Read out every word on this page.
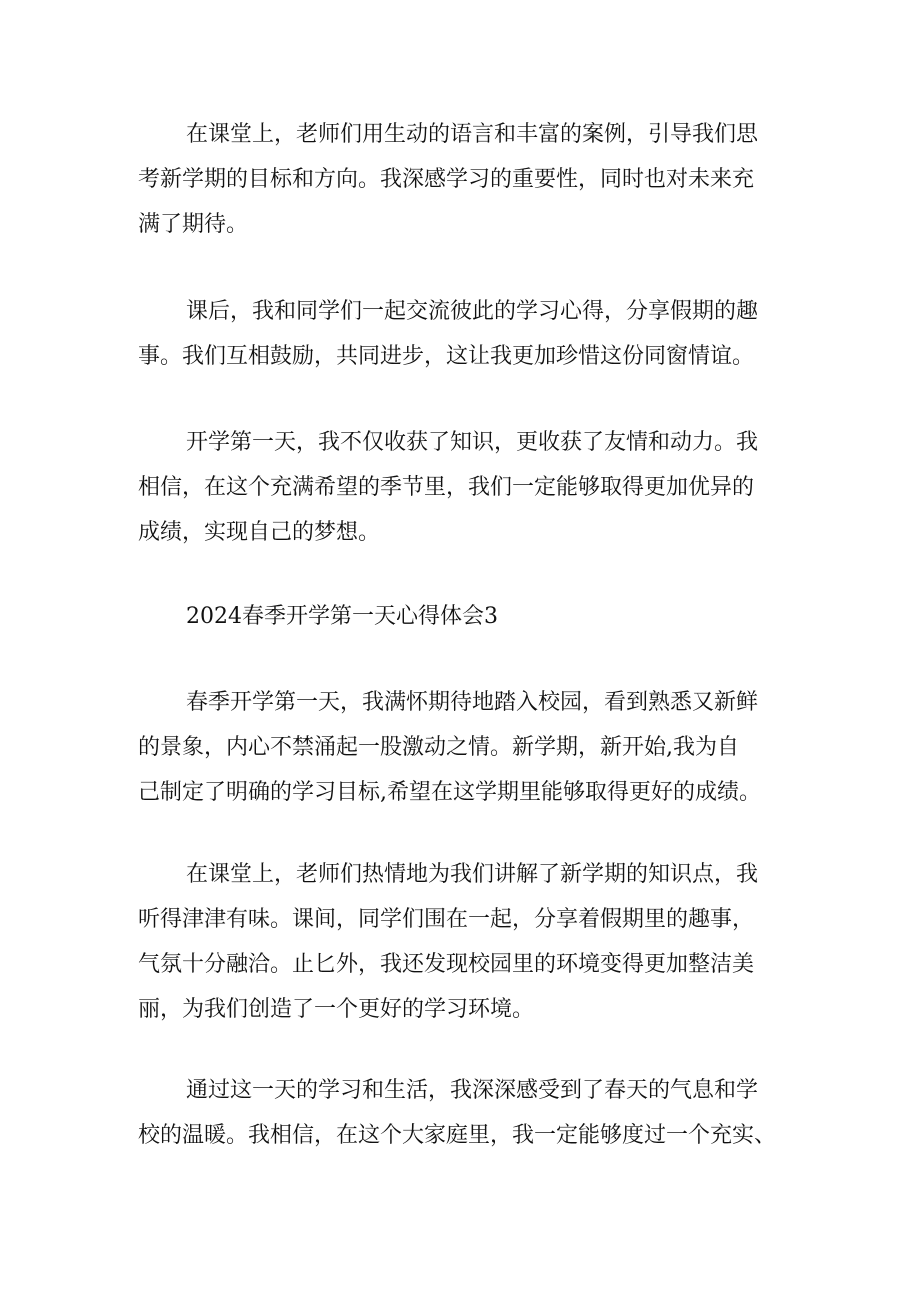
在课堂上，老师们用生动的语言和丰富的案例，引导我们思
考新学期的目标和方向。我深感学习的重要性，同时也对未来充
满了期待。
课后，我和同学们一起交流彼此的学习心得，分享假期的趣
事。我们互相鼓励，共同进步，这让我更加珍惜这份同窗情谊。
开学第一天，我不仅收获了知识，更收获了友情和动力。我
相信，在这个充满希望的季节里，我们一定能够取得更加优异的
成绩，实现自己的梦想。
2024春季开学第一天心得体会3
春季开学第一天，我满怀期待地踏入校园，看到熟悉又新鲜
的景象，内心不禁涌起一股激动之情。新学期，新开始,我为自
己制定了明确的学习目标,希望在这学期里能够取得更好的成绩。
在课堂上，老师们热情地为我们讲解了新学期的知识点，我
听得津津有味。课间，同学们围在一起，分享着假期里的趣事，
气氛十分融洽。止匕外，我还发现校园里的环境变得更加整洁美
丽，为我们创造了一个更好的学习环境。
通过这一天的学习和生活，我深深感受到了春天的气息和学
校的温暖。我相信，在这个大家庭里，我一定能够度过一个充实、
